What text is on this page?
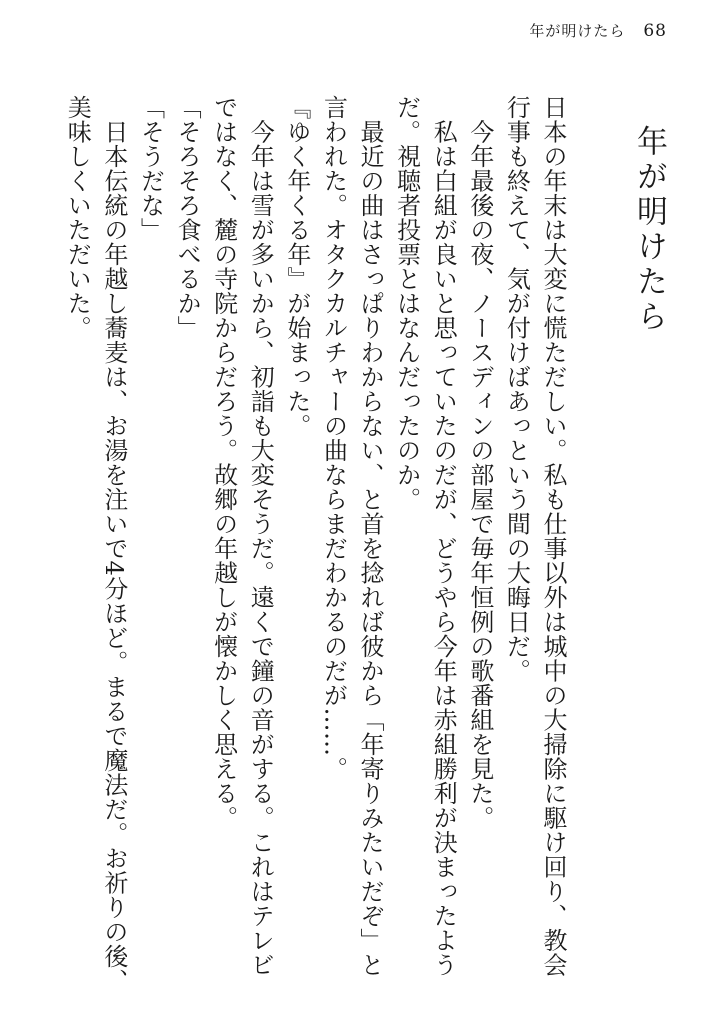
年が明けたら 68
年が明けたら

日本の年末は大変に慌ただしい。私も仕事以外は城中の大掃除に駆け回り、教会行事も終えて、気が付けばあっという間の大晦日だ。

　今年最後の夜、ノースディンの部屋で毎年恒例の歌番組を見た。

　私は白組が良いと思っていたのだが、どうやら今年は赤組勝利が決まったようだ。視聴者投票とはなんだったのか。

　最近の曲はさっぱりわからない、と首を捻れば彼から「年寄りみたいだぞ」と言われた。オタクカルチャーの曲ならまだわかるのだが……。

『ゆく年くる年』が始まった。

　今年は雪が多いから、初詣も大変そうだ。遠くで鐘の音がする。これはテレビではなく、麓の寺院からだろう。故郷の年越しが懐かしく思える。

「そろそろ食べるか」

「そうだな」

　日本伝統の年越し蕎麦は、お湯を注いで4分ほど。まるで魔法だ。お祈りの後、美味しくいただいた。
